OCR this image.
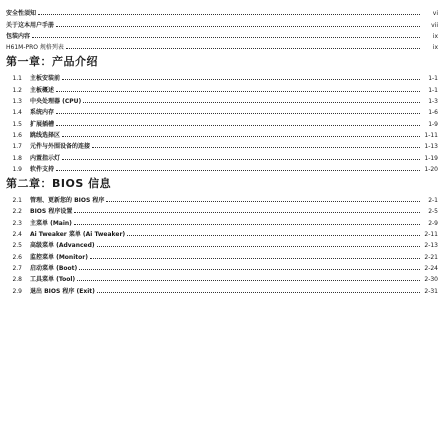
安全性須知	vi
关于这本用户手册	vii
包装内容	ix
H61M-PRO 规格列表	ix
第一章：产品介绍
1.1 主板安装前	1-1
1.2 主板概述	1-1
1.3 中央处理器 (CPU)	1-3
1.4 系统内存	1-6
1.5 扩展插槽	1-9
1.6 跳线选择区	1-11
1.7 元件与外围设备的连接	1-13
1.8 内置指示灯	1-19
1.9 软件支持	1-20
第二章：BIOS 信息
2.1 管理、更新您的 BIOS 程序	2-1
2.2 BIOS 程序设置	2-5
2.3 主菜单 (Main)	2-9
2.4 Ai Tweaker 菜单 (Ai Tweaker)	2-11
2.5 高级菜单 (Advanced)	2-13
2.6 监控菜单 (Monitor)	2-21
2.7 启动菜单 (Boot)	2-24
2.8 工具菜单 (Tool)	2-30
2.9 退出 BIOS 程序 (Exit)	2-31
